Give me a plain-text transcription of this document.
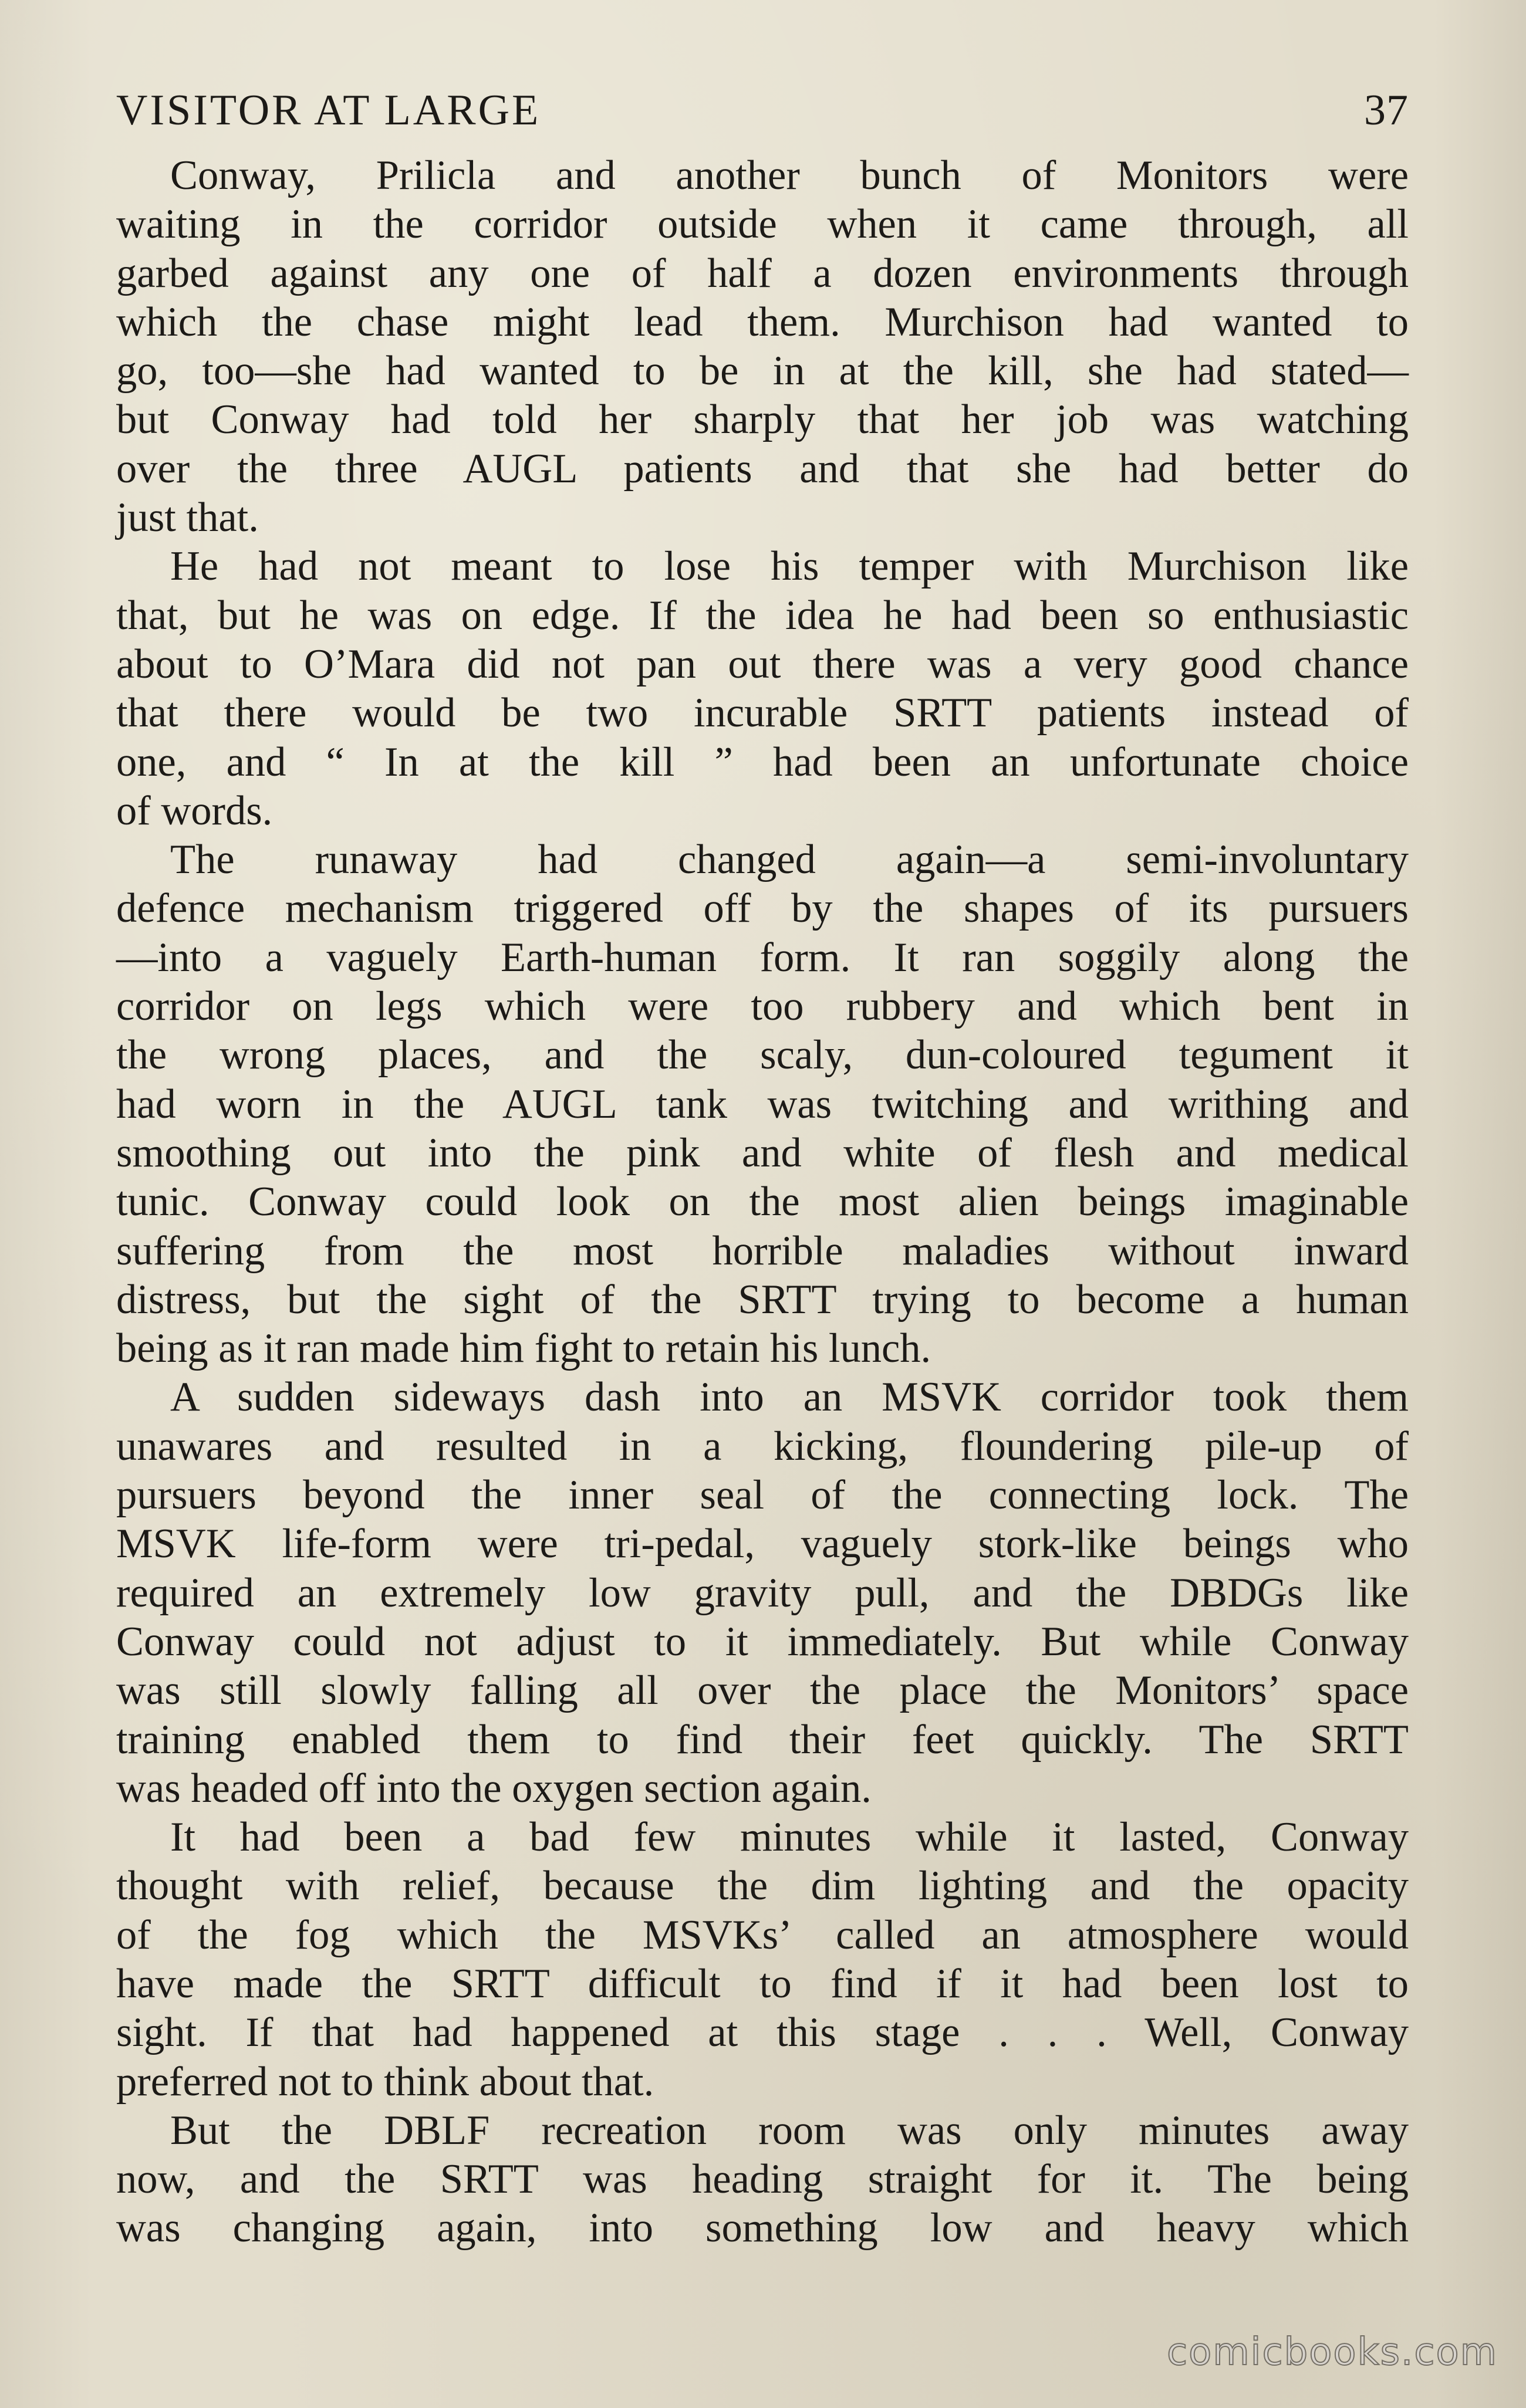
VISITOR AT LARGE	37
Conway, Prilicla and another bunch of Monitors were
waiting in the corridor outside when it came through, all
garbed against any one of half a dozen environments through
which the chase might lead them. Murchison had wanted to
go, too—she had wanted to be in at the kill, she had stated—
but Conway had told her sharply that her job was watching
over the three AUGL patients and that she had better do
just that.
He had not meant to lose his temper with Murchison like
that, but he was on edge. If the idea he had been so enthusiastic
about to O’Mara did not pan out there was a very good chance
that there would be two incurable SRTT patients instead of
one, and “ In at the kill ” had been an unfortunate choice
of words.
The runaway had changed again—a semi-involuntary
defence mechanism triggered off by the shapes of its pursuers
—into a vaguely Earth-human form. It ran soggily along the
corridor on legs which were too rubbery and which bent in
the wrong places, and the scaly, dun-coloured tegument it
had worn in the AUGL tank was twitching and writhing and
smoothing out into the pink and white of flesh and medical
tunic. Conway could look on the most alien beings imaginable
suffering from the most horrible maladies without inward
distress, but the sight of the SRTT trying to become a human
being as it ran made him fight to retain his lunch.
A sudden sideways dash into an MSVK corridor took them
unawares and resulted in a kicking, floundering pile-up of
pursuers beyond the inner seal of the connecting lock. The
MSVK life-form were tri-pedal, vaguely stork-like beings who
required an extremely low gravity pull, and the DBDGs like
Conway could not adjust to it immediately. But while Conway
was still slowly falling all over the place the Monitors’ space
training enabled them to find their feet quickly. The SRTT
was headed off into the oxygen section again.
It had been a bad few minutes while it lasted, Conway
thought with relief, because the dim lighting and the opacity
of the fog which the MSVKs’ called an atmosphere would
have made the SRTT difficult to find if it had been lost to
sight. If that had happened at this stage . . . Well, Conway
preferred not to think about that.
But the DBLF recreation room was only minutes away
now, and the SRTT was heading straight for it. The being
was changing again, into something low and heavy which
comicbooks.com
